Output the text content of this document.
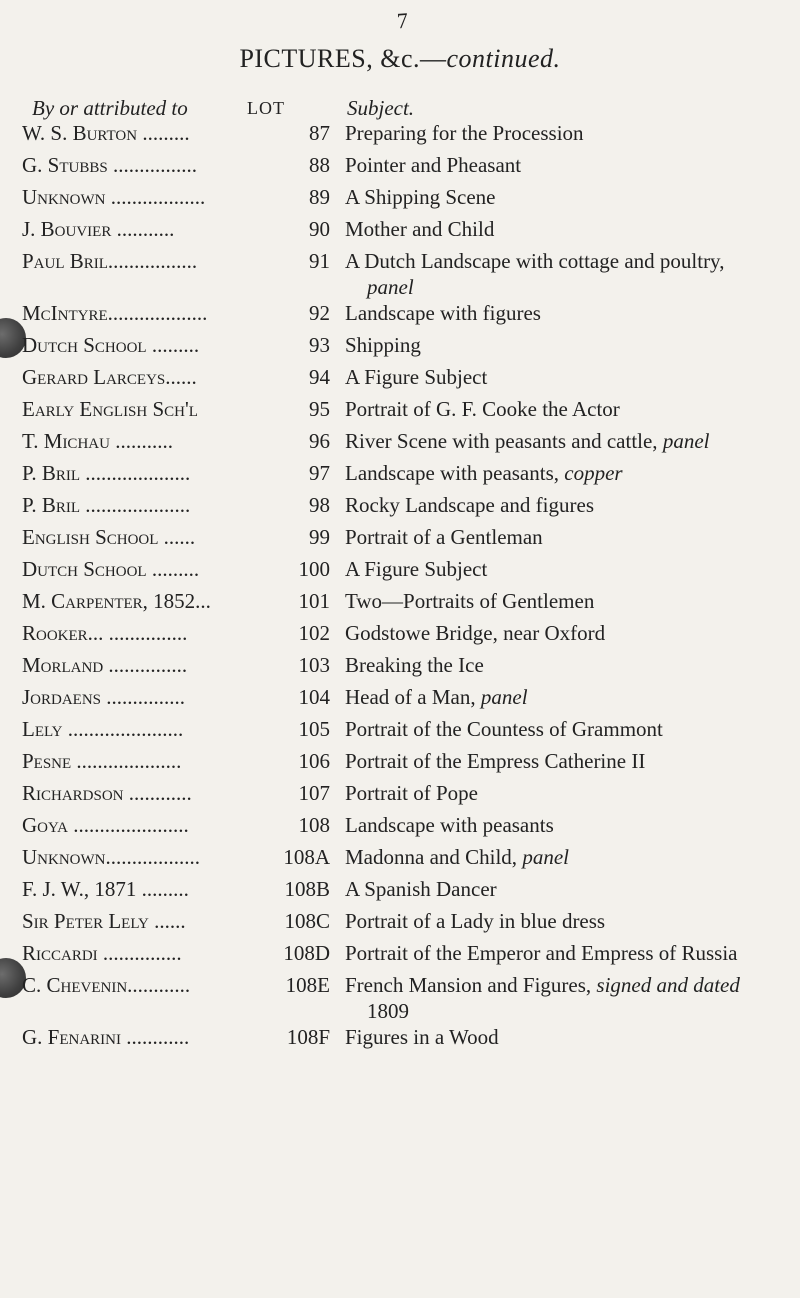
7
PICTURES, &c.—continued.
By or attributed to	LOT	Subject.
W. S. Burton .........	87 Preparing for the Procession
G. Stubbs ................	88 Pointer and Pheasant
Unknown ..................	89 A Shipping Scene
J. Bouvier ...........	90 Mother and Child
Paul Bril.................	91 A Dutch Landscape with cottage and poultry,
panel
McIntyre...................	92 Landscape with figures
Dutch School .........	93 Shipping
Gerard Larceys......	94 A Figure Subject
Early English Sch'l	95 Portrait of G. F. Cooke the Actor
T. Michau ...........	96 River Scene with peasants and cattle, panel
P. Bril ....................	97 Landscape with peasants, copper
P. Bril ....................	98 Rocky Landscape and figures
English School ......	99 Portrait of a Gentleman
Dutch School .........	100 A Figure Subject
M. Carpenter, 1852...	101 Two—Portraits of Gentlemen
Rooker... ...............	102 Godstowe Bridge, near Oxford
Morland ...............	103 Breaking the Ice
Jordaens ...............	104 Head of a Man, panel
Lely ......................	105 Portrait of the Countess of Grammont
Pesne ....................	106 Portrait of the Empress Catherine II
Richardson ............	107 Portrait of Pope
Goya ......................	108 Landscape with peasants
Unknown..................	108A Madonna and Child, panel
F. J. W., 1871 .........	108B A Spanish Dancer
Sir Peter Lely ......	108C Portrait of a Lady in blue dress
Riccardi ...............	108D Portrait of the Emperor and Empress of Russia
C. Chevenin............	108E French Mansion and Figures, signed and dated
1809
G. Fenarini ............	108F Figures in a Wood
